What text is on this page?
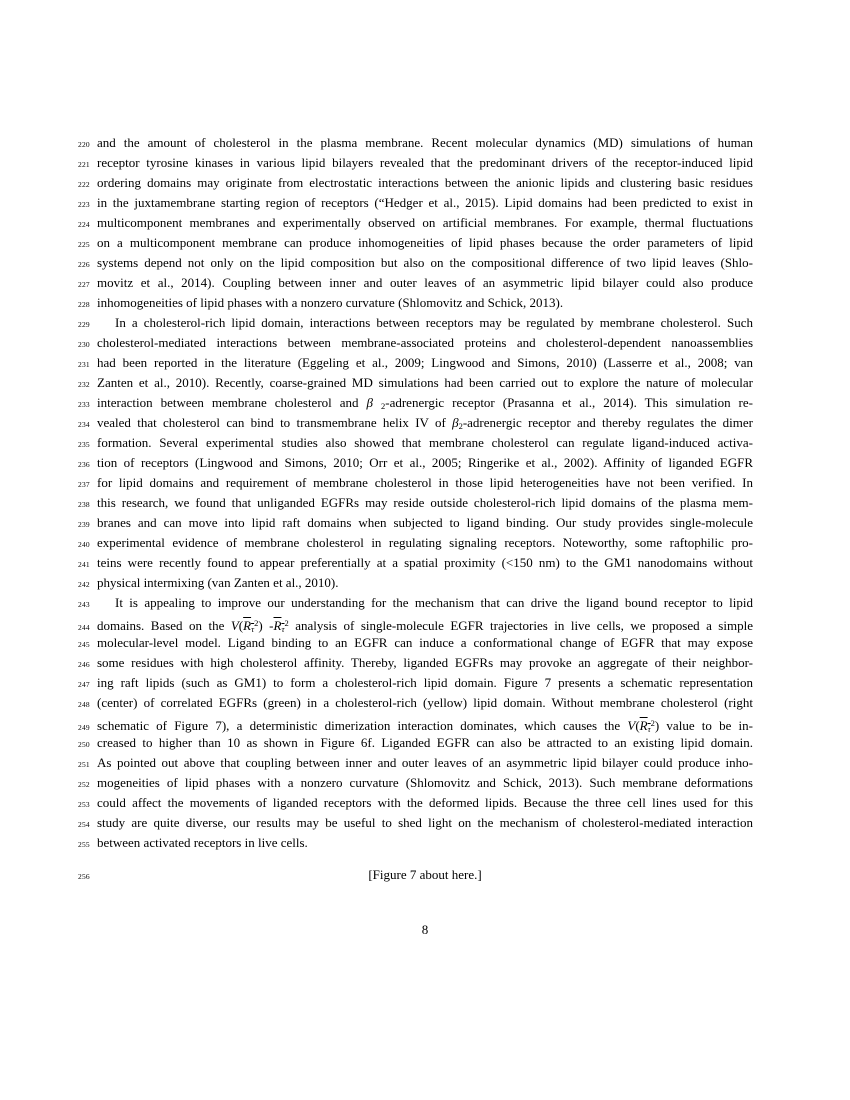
220 and the amount of cholesterol in the plasma membrane. Recent molecular dynamics (MD) simulations of human
221 receptor tyrosine kinases in various lipid bilayers revealed that the predominant drivers of the receptor-induced lipid
222 ordering domains may originate from electrostatic interactions between the anionic lipids and clustering basic residues
223 in the juxtamembrane starting region of receptors (“Hedger et al., 2015). Lipid domains had been predicted to exist in
224 multicomponent membranes and experimentally observed on artificial membranes. For example, thermal fluctuations
225 on a multicomponent membrane can produce inhomogeneities of lipid phases because the order parameters of lipid
226 systems depend not only on the lipid composition but also on the compositional difference of two lipid leaves (Shlo-
227 movitz et al., 2014). Coupling between inner and outer leaves of an asymmetric lipid bilayer could also produce
228 inhomogeneities of lipid phases with a nonzero curvature (Shlomovitz and Schick, 2013).
229	In a cholesterol-rich lipid domain, interactions between receptors may be regulated by membrane cholesterol. Such
230 cholesterol-mediated interactions between membrane-associated proteins and cholesterol-dependent nanoassemblies
231 had been reported in the literature (Eggeling et al., 2009; Lingwood and Simons, 2010) (Lasserre et al., 2008; van
232 Zanten et al., 2010). Recently, coarse-grained MD simulations had been carried out to explore the nature of molecular
233 interaction between membrane cholesterol and β 2-adrenergic receptor (Prasanna et al., 2014). This simulation re-
234 vealed that cholesterol can bind to transmembrane helix IV of β2-adrenergic receptor and thereby regulates the dimer
235 formation. Several experimental studies also showed that membrane cholesterol can regulate ligand-induced activa-
236 tion of receptors (Lingwood and Simons, 2010; Orr et al., 2005; Ringerike et al., 2002). Affinity of liganded EGFR
237 for lipid domains and requirement of membrane cholesterol in those lipid heterogeneities have not been verified. In
238 this research, we found that unliganded EGFRs may reside outside cholesterol-rich lipid domains of the plasma mem-
239 branes and can move into lipid raft domains when subjected to ligand binding. Our study provides single-molecule
240 experimental evidence of membrane cholesterol in regulating signaling receptors. Noteworthy, some raftophilic pro-
241 teins were recently found to appear preferentially at a spatial proximity (<150 nm) to the GM1 nanodomains without
242 physical intermixing (van Zanten et al., 2010).
243	It is appealing to improve our understanding for the mechanism that can drive the ligand bound receptor to lipid
244 domains. Based on the $V(R\tau^2)$ $-R\tau^2$ analysis of single-molecule EGFR trajectories in live cells, we proposed a simple
245 molecular-level model. Ligand binding to an EGFR can induce a conformational change of EGFR that may expose
246 some residues with high cholesterol affinity. Thereby, liganded EGFRs may provoke an aggregate of their neighbor-
247 ing raft lipids (such as GM1) to form a cholesterol-rich lipid domain. Figure 7 presents a schematic representation
248 (center) of correlated EGFRs (green) in a cholesterol-rich (yellow) lipid domain. Without membrane cholesterol (right
249 schematic of Figure 7), a deterministic dimerization interaction dominates, which causes the $V(R\tau^2)$ value to be in-
250 creased to higher than 10 as shown in Figure 6f. Liganded EGFR can also be attracted to an existing lipid domain.
251 As pointed out above that coupling between inner and outer leaves of an asymmetric lipid bilayer could produce inho-
252 mogeneities of lipid phases with a nonzero curvature (Shlomovitz and Schick, 2013). Such membrane deformations
253 could affect the movements of liganded receptors with the deformed lipids. Because the three cell lines used for this
254 study are quite diverse, our results may be useful to shed light on the mechanism of cholesterol-mediated interaction
255 between activated receptors in live cells.
256	[Figure 7 about here.]
8
